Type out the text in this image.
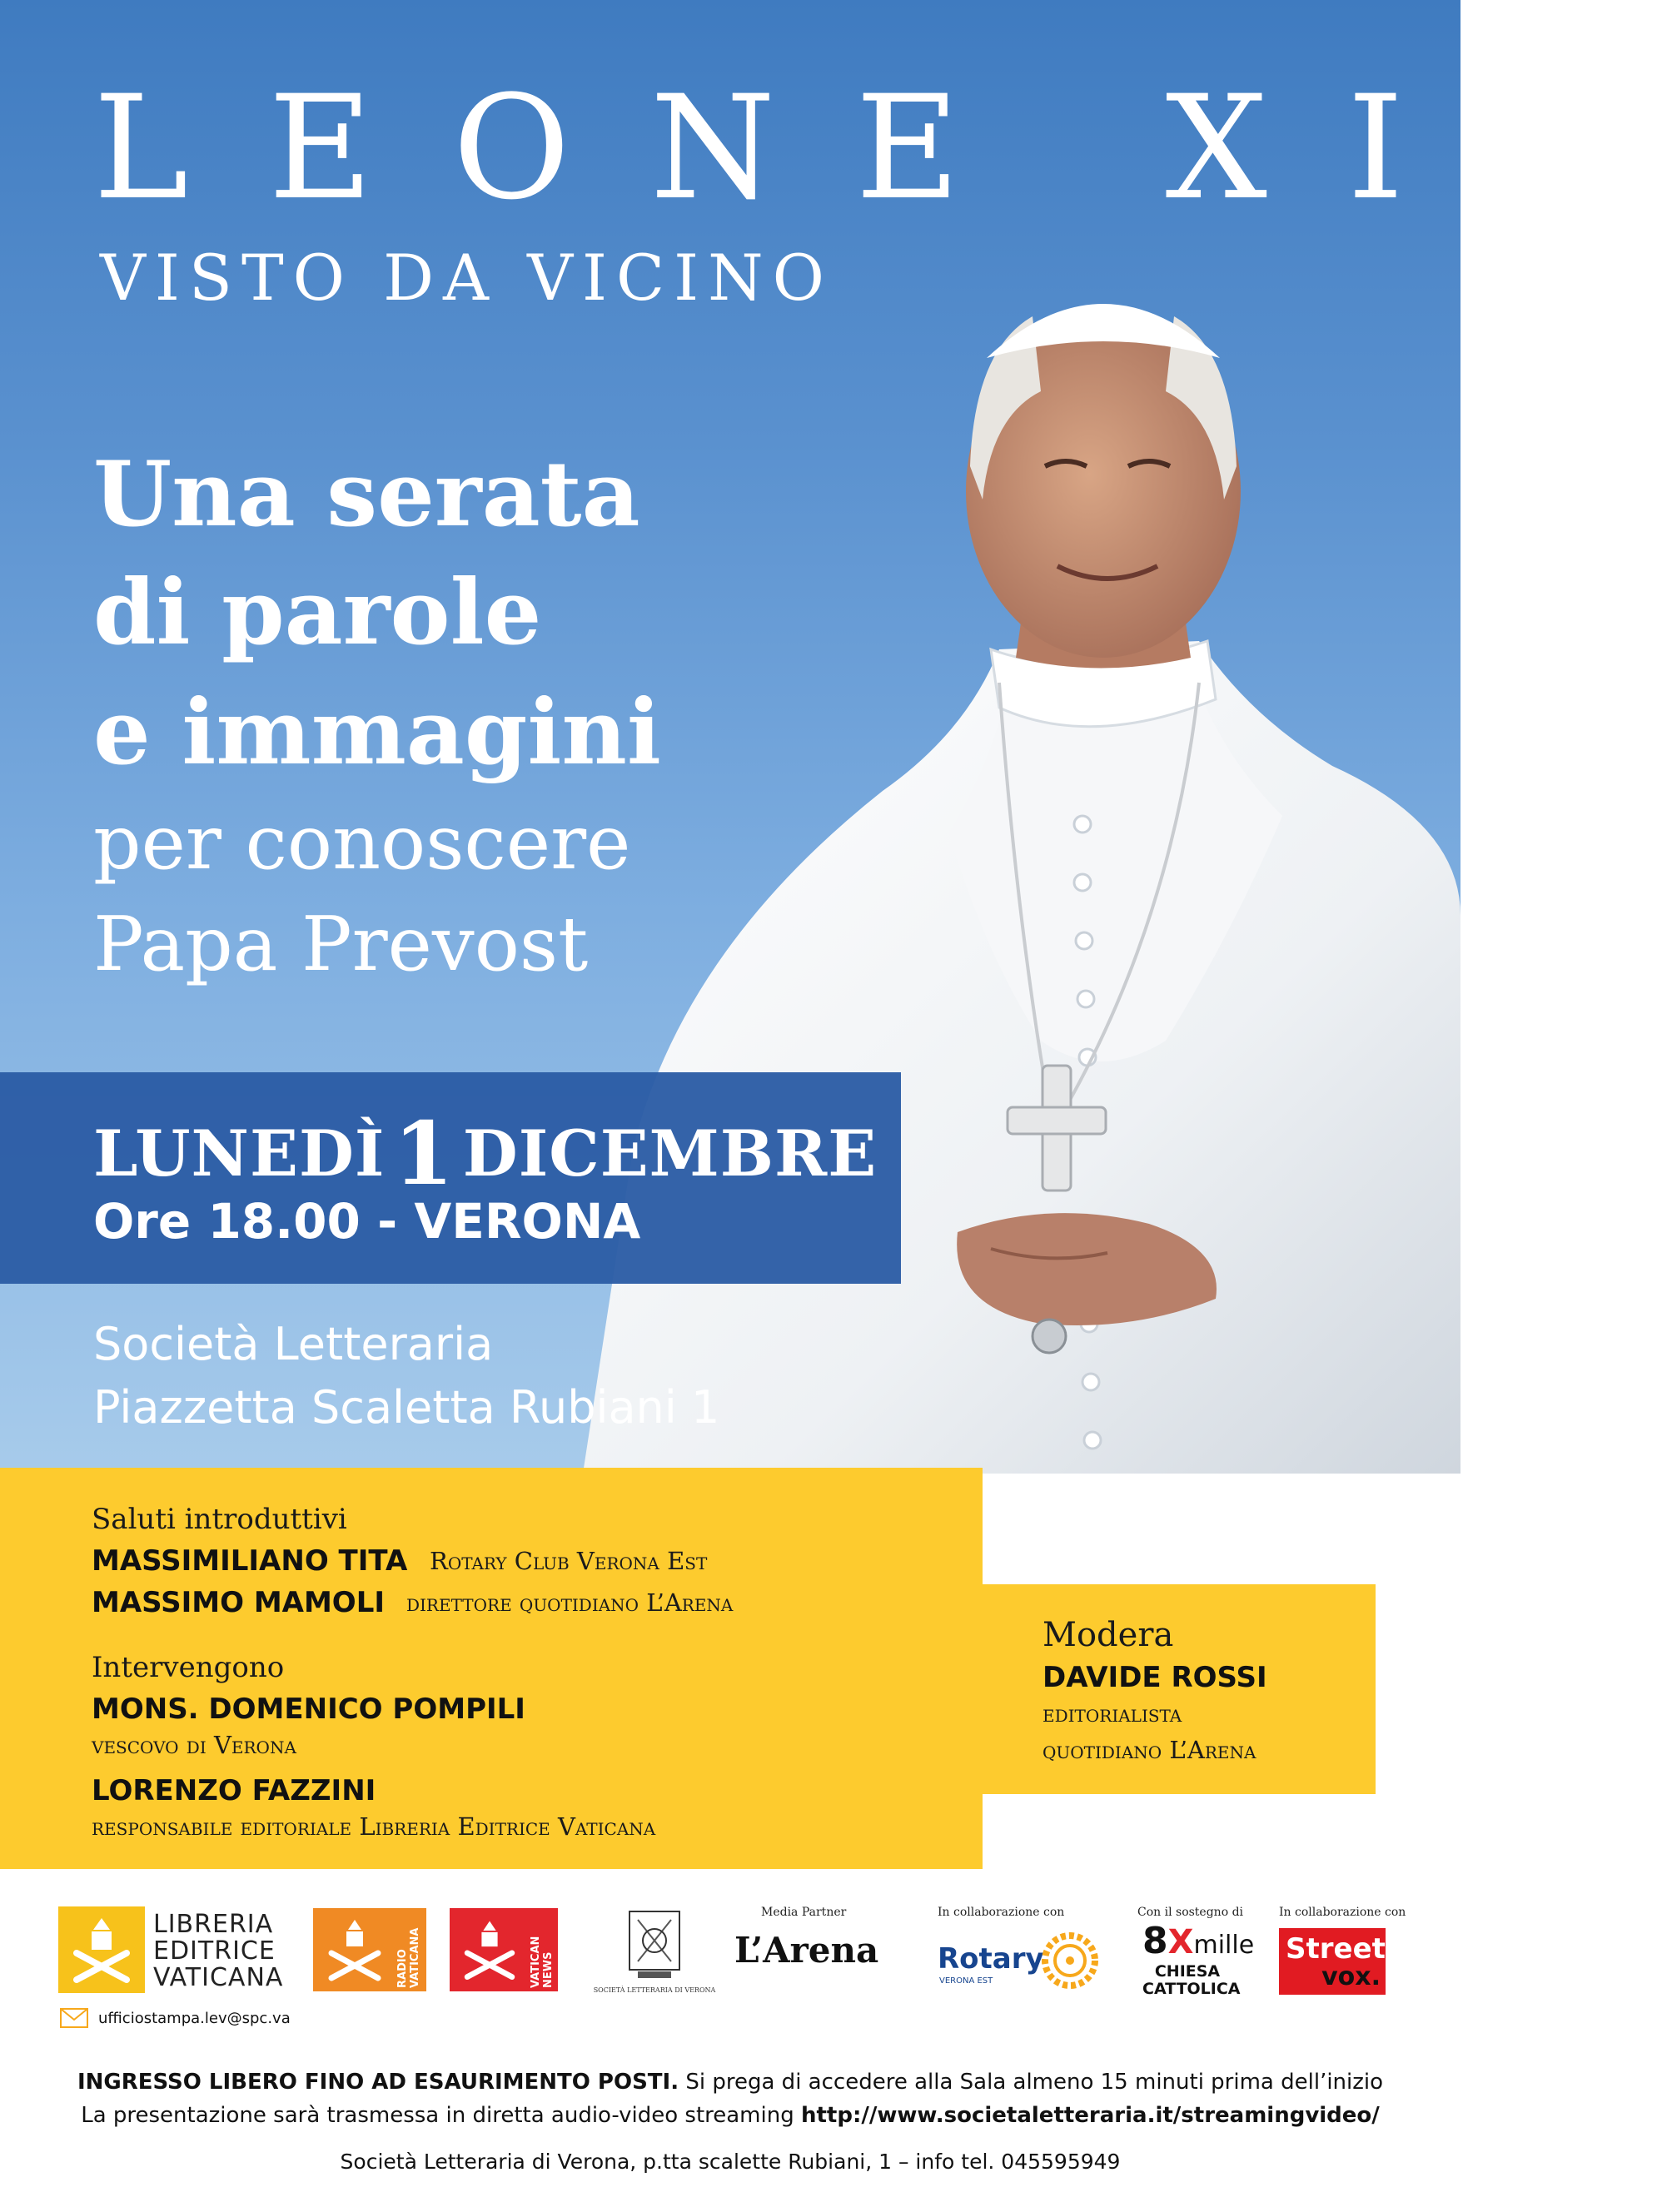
LEONE XIV
VISTO DA VICINO
Una serata
di parole
e immagini
per conoscere
Papa Prevost
LUNEDÌ1 DICEMBRE
Ore 18.00 - VERONA
Società Letteraria
Piazzetta Scaletta Rubiani 1
Saluti introduttivi
MASSIMILIANO TITA Rotary Club Verona Est
MASSIMO MAMOLI direttore quotidiano L’Arena
Intervengono
MONS. DOMENICO POMPILI
vescovo di Verona
LORENZO FAZZINI
responsabile editoriale Libreria Editrice Vaticana
Modera
DAVIDE ROSSI
editorialista
quotidiano L’Arena
LIBRERIA
EDITRICE
VATICANA	RADIO VATICANA	VATICAN NEWS
SOCIETÀ LETTERARIA DI VERONA
Media Partner
L’Arena
In collaborazione con
Rotary
VERONA EST
Con il sostegno di
8Xmille
CHIESA
CATTOLICA
In collaborazione con
Street
vox.
ufficiostampa.lev@spc.va
INGRESSO LIBERO FINO AD ESAURIMENTO POSTI. Si prega di accedere alla Sala almeno 15 minuti prima dell’inizio
La presentazione sarà trasmessa in diretta audio-video streaming http://www.societaletteraria.it/streamingvideo/
Società Letteraria di Verona, p.tta scalette Rubiani, 1 – info tel. 045595949
